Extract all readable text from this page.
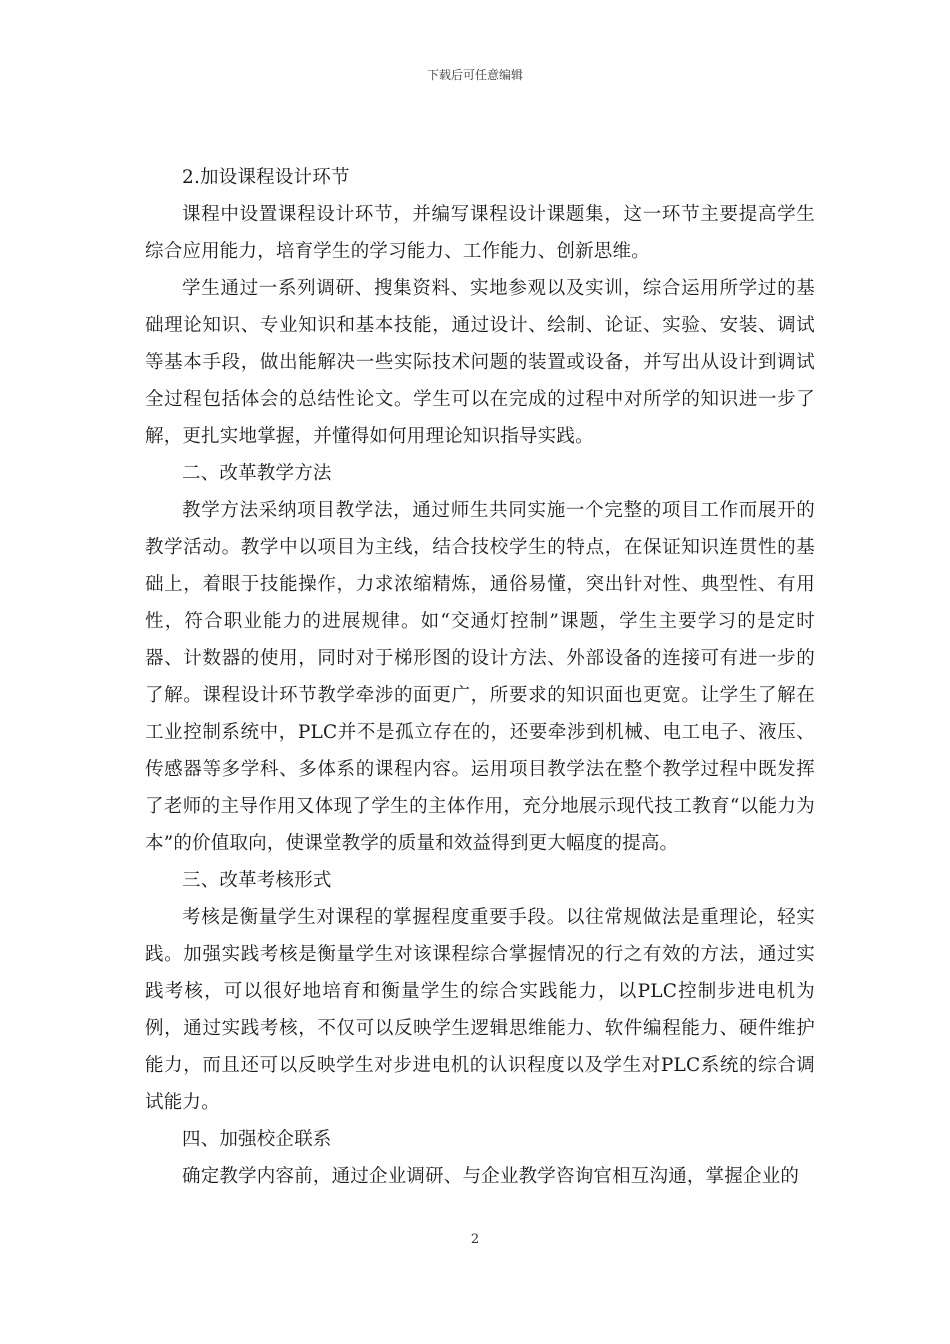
下载后可任意编辑

2.加设课程设计环节

课程中设置课程设计环节，并编写课程设计课题集，这一环节主要提高学生综合应用能力，培育学生的学习能力、工作能力、创新思维。

学生通过一系列调研、搜集资料、实地参观以及实训，综合运用所学过的基础理论知识、专业知识和基本技能，通过设计、绘制、论证、实验、安装、调试等基本手段，做出能解决一些实际技术问题的装置或设备，并写出从设计到调试全过程包括体会的总结性论文。学生可以在完成的过程中对所学的知识进一步了解，更扎实地掌握，并懂得如何用理论知识指导实践。

二、改革教学方法

教学方法采纳项目教学法，通过师生共同实施一个完整的项目工作而展开的教学活动。教学中以项目为主线，结合技校学生的特点，在保证知识连贯性的基础上，着眼于技能操作，力求浓缩精炼，通俗易懂，突出针对性、典型性、有用性，符合职业能力的进展规律。如“交通灯控制”课题，学生主要学习的是定时器、计数器的使用，同时对于梯形图的设计方法、外部设备的连接可有进一步的了解。课程设计环节教学牵涉的面更广，所要求的知识面也更宽。让学生了解在工业控制系统中，PLC并不是孤立存在的，还要牵涉到机械、电工电子、液压、传感器等多学科、多体系的课程内容。运用项目教学法在整个教学过程中既发挥了老师的主导作用又体现了学生的主体作用，充分地展示现代技工教育“以能力为本”的价值取向，使课堂教学的质量和效益得到更大幅度的提高。

三、改革考核形式

考核是衡量学生对课程的掌握程度重要手段。以往常规做法是重理论，轻实践。加强实践考核是衡量学生对该课程综合掌握情况的行之有效的方法，通过实践考核，可以很好地培育和衡量学生的综合实践能力，以PLC控制步进电机为例，通过实践考核，不仅可以反映学生逻辑思维能力、软件编程能力、硬件维护能力，而且还可以反映学生对步进电机的认识程度以及学生对PLC系统的综合调试能力。

四、加强校企联系

确定教学内容前，通过企业调研、与企业教学咨询官相互沟通，掌握企业的

2
